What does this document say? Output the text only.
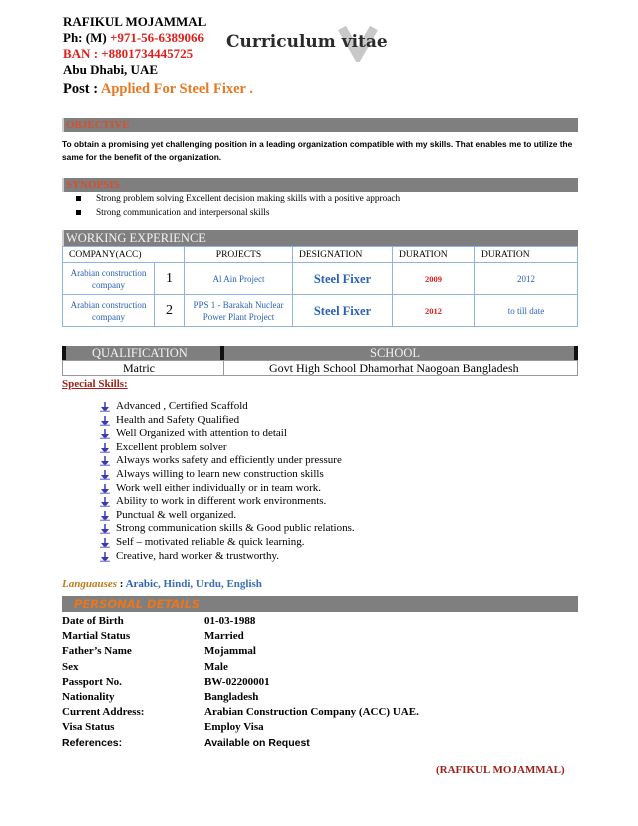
RAFIKUL MOJAMMAL
Ph: (M) +971-56-6389066
BAN : +8801734445725
Abu Dhabi, UAE
Post : Applied For Steel Fixer .
Curriculum vitae
OBJECTIVE
To obtain a promising yet challenging position in a leading organization compatible with my skills. That enables me to utilize the same for the benefit of the organization.
SYNOPSIS
Strong problem solving Excellent decision making skills with a positive approach
Strong communication and interpersonal skills
WORKING EXPERIENCE
COMPANY(ACC)		PROJECTS	DESIGNATION	DURATION	DURATION
Arabian construction company	1	Al Ain Project	Steel Fixer	2009	2012
Arabian construction company	2	PPS 1 - Barakah Nuclear Power Plant Project	Steel Fixer	2012	to till date
QUALIFICATION	SCHOOL
Matric	Govt High School Dhamorhat Naogoan Bangladesh
Special Skills:
Advanced , Certified Scaffold
Health and Safety Qualified
Well Organized with attention to detail
Excellent problem solver
Always works safety and efficiently under pressure
Always willing to learn new construction skills
Work well either individually or in team work.
Ability to work in different work environments.
Punctual & well organized.
Strong communication skills & Good public relations.
Self – motivated reliable & quick learning.
Creative, hard worker & trustworthy.
Languauses : Arabic, Hindi, Urdu, English
PERSONAL DETAILS
Date of Birth	01-03-1988
Martial Status	Married
Father’s Name	Mojammal
Sex	Male
Passport No.	BW-02200001
Nationality	Bangladesh
Current Address:	Arabian Construction Company (ACC) UAE.
Visa Status	Employ Visa
References:	Available on Request
(RAFIKUL MOJAMMAL)
